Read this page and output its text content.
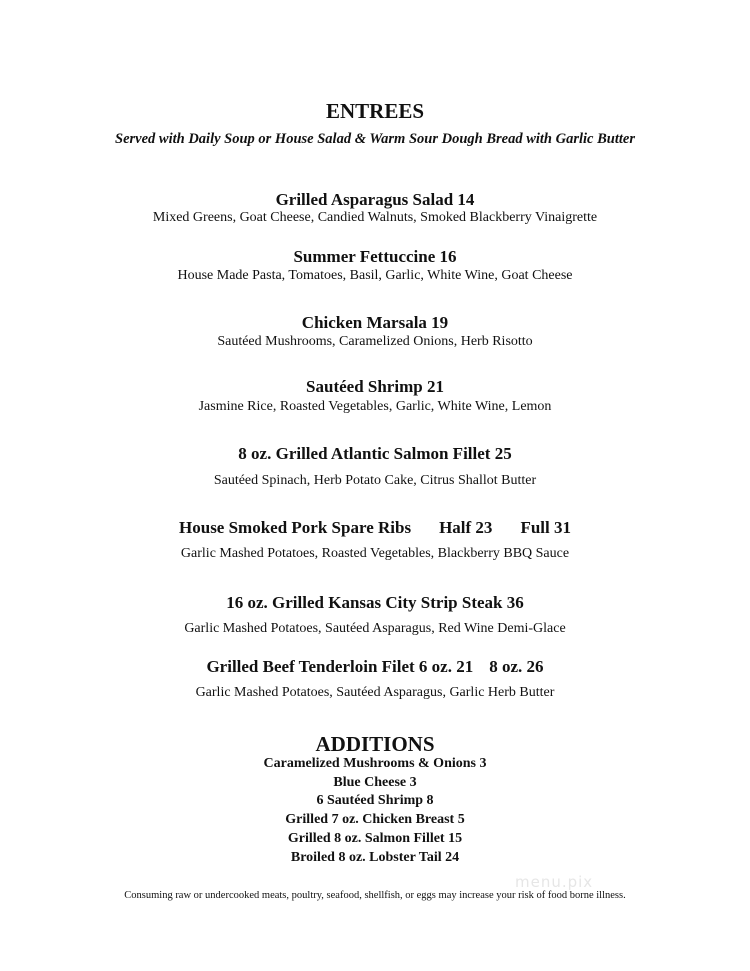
ENTREES
Served with Daily Soup or House Salad & Warm Sour Dough Bread with Garlic Butter
Grilled Asparagus Salad 14
Mixed Greens, Goat Cheese, Candied Walnuts, Smoked Blackberry Vinaigrette
Summer Fettuccine 16
House Made Pasta, Tomatoes, Basil, Garlic, White Wine, Goat Cheese
Chicken Marsala 19
Sautéed Mushrooms, Caramelized Onions, Herb Risotto
Sautéed Shrimp 21
Jasmine Rice, Roasted Vegetables, Garlic, White Wine, Lemon
8 oz. Grilled Atlantic Salmon Fillet 25
Sautéed Spinach, Herb Potato Cake, Citrus Shallot Butter
House Smoked Pork Spare Ribs Half 23 Full 31
Garlic Mashed Potatoes, Roasted Vegetables, Blackberry BBQ Sauce
16 oz. Grilled Kansas City Strip Steak 36
Garlic Mashed Potatoes, Sautéed Asparagus, Red Wine Demi-Glace
Grilled Beef Tenderloin Filet 6 oz. 21 8 oz. 26
Garlic Mashed Potatoes, Sautéed Asparagus, Garlic Herb Butter
ADDITIONS
Caramelized Mushrooms & Onions 3
Blue Cheese 3
6 Sautéed Shrimp 8
Grilled 7 oz. Chicken Breast 5
Grilled 8 oz. Salmon Fillet 15
Broiled 8 oz. Lobster Tail 24
menu.pix
Consuming raw or undercooked meats, poultry, seafood, shellfish, or eggs may increase your risk of food borne illness.
